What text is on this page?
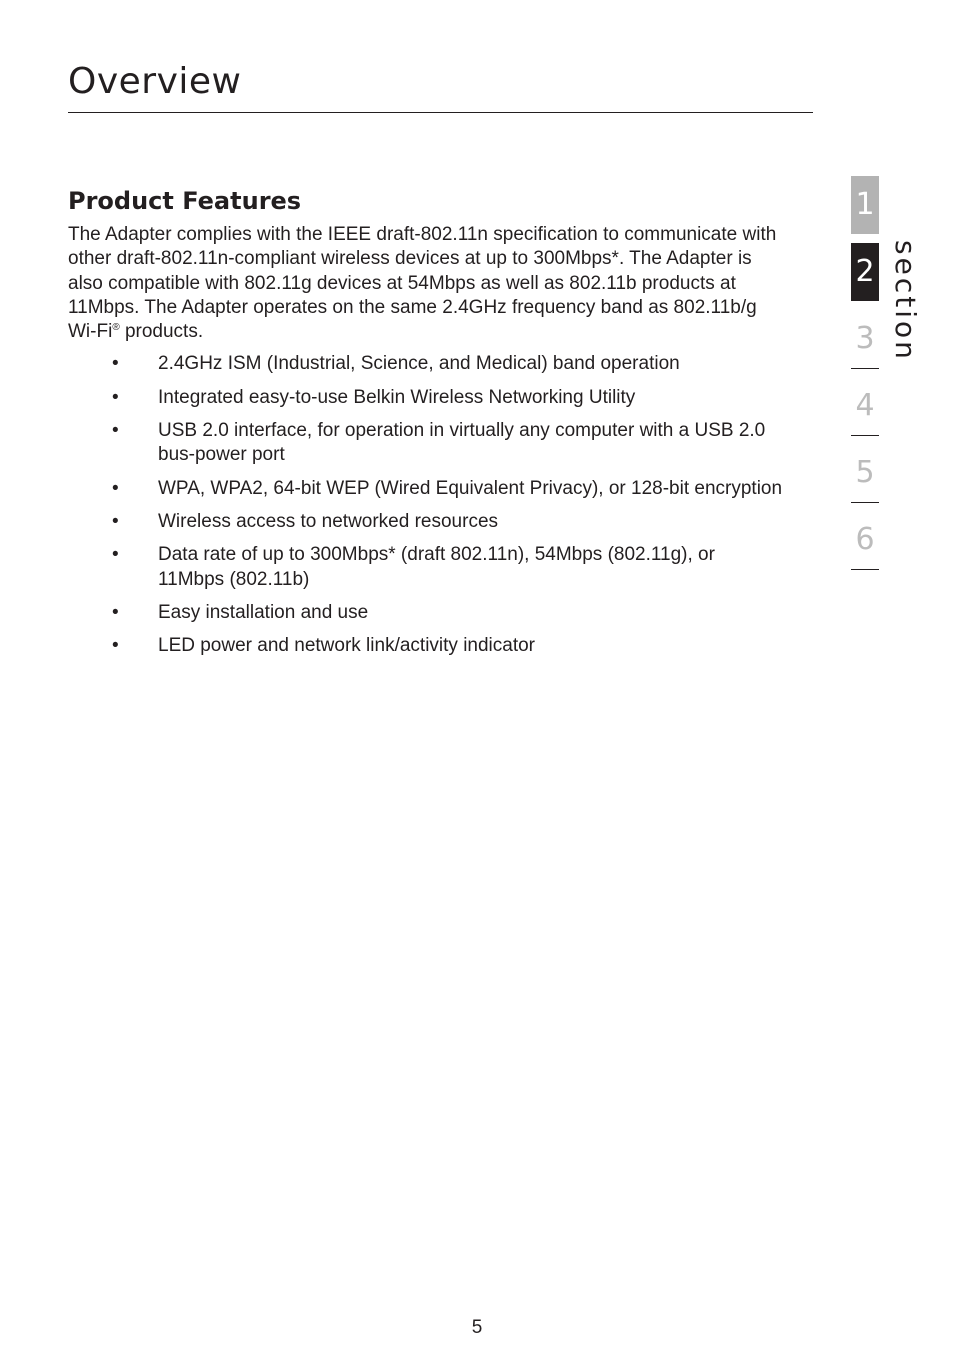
Overview
Product Features

The Adapter complies with the IEEE draft-802.11n specification to communicate with other draft-802.11n-compliant wireless devices at up to 300Mbps*. The Adapter is also compatible with 802.11g devices at 54Mbps as well as 802.11b products at 11Mbps. The Adapter operates on the same 2.4GHz frequency band as 802.11b/g Wi-Fi® products.

• 2.4GHz ISM (Industrial, Science, and Medical) band operation
• Integrated easy-to-use Belkin Wireless Networking Utility
• USB 2.0 interface, for operation in virtually any computer with a USB 2.0 bus-power port
• WPA, WPA2, 64-bit WEP (Wired Equivalent Privacy), or 128-bit encryption
• Wireless access to networked resources
• Data rate of up to 300Mbps* (draft 802.11n), 54Mbps (802.11g), or 11Mbps (802.11b)
• Easy installation and use
• LED power and network link/activity indicator
1
2
3
4
5
6
section
5
